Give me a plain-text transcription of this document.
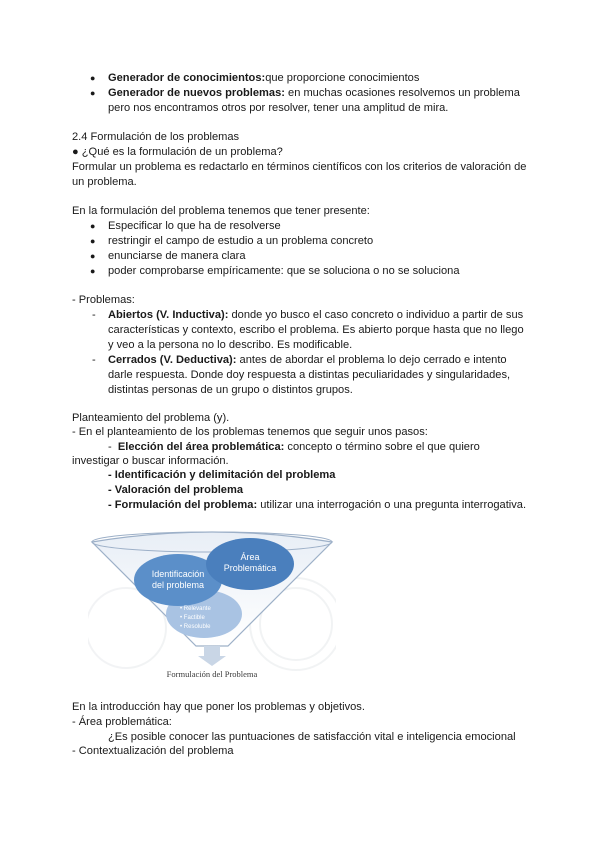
● Generador de conocimientos:que proporcione conocimientos
● Generador de nuevos problemas: en muchas ocasiones resolvemos un problema
pero nos encontramos otros por resolver, tener una amplitud de mira.
2.4 Formulación de los problemas
● ¿Qué es la formulación de un problema?
Formular un problema es redactarlo en términos científicos con los criterios de valoración de
un problema.
En la formulación del problema tenemos que tener presente:
● Especificar lo que ha de resolverse
● restringir el campo de estudio a un problema concreto
● enunciarse de manera clara
● poder comprobarse empíricamente: que se soluciona o no se soluciona
- Problemas:
- Abiertos (V. Inductiva): donde yo busco el caso concreto o individuo a partir de sus
características y contexto, escribo el problema. Es abierto porque hasta que no llego
y veo a la persona no lo describo. Es modificable.
- Cerrados (V. Deductiva): antes de abordar el problema lo dejo cerrado e intento
darle respuesta. Donde doy respuesta a distintas peculiaridades y singularidades,
distintas personas de un grupo o distintos grupos.
Planteamiento del problema (y).
- En el planteamiento de los problemas tenemos que seguir unos pasos:
-  Elección del área problemática: concepto o término sobre el que quiero
investigar o buscar información.
- Identificación y delimitación del problema
- Valoración del problema
- Formulación del problema: utilizar una interrogación o una pregunta interrogativa.
Área
Problemática
Identificación
del problema
• Relevante
• Factible
• Resoluble
Formulación del Problema
En la introducción hay que poner los problemas y objetivos.
- Área problemática:
¿Es posible conocer las puntuaciones de satisfacción vital e inteligencia emocional
- Contextualización del problema
